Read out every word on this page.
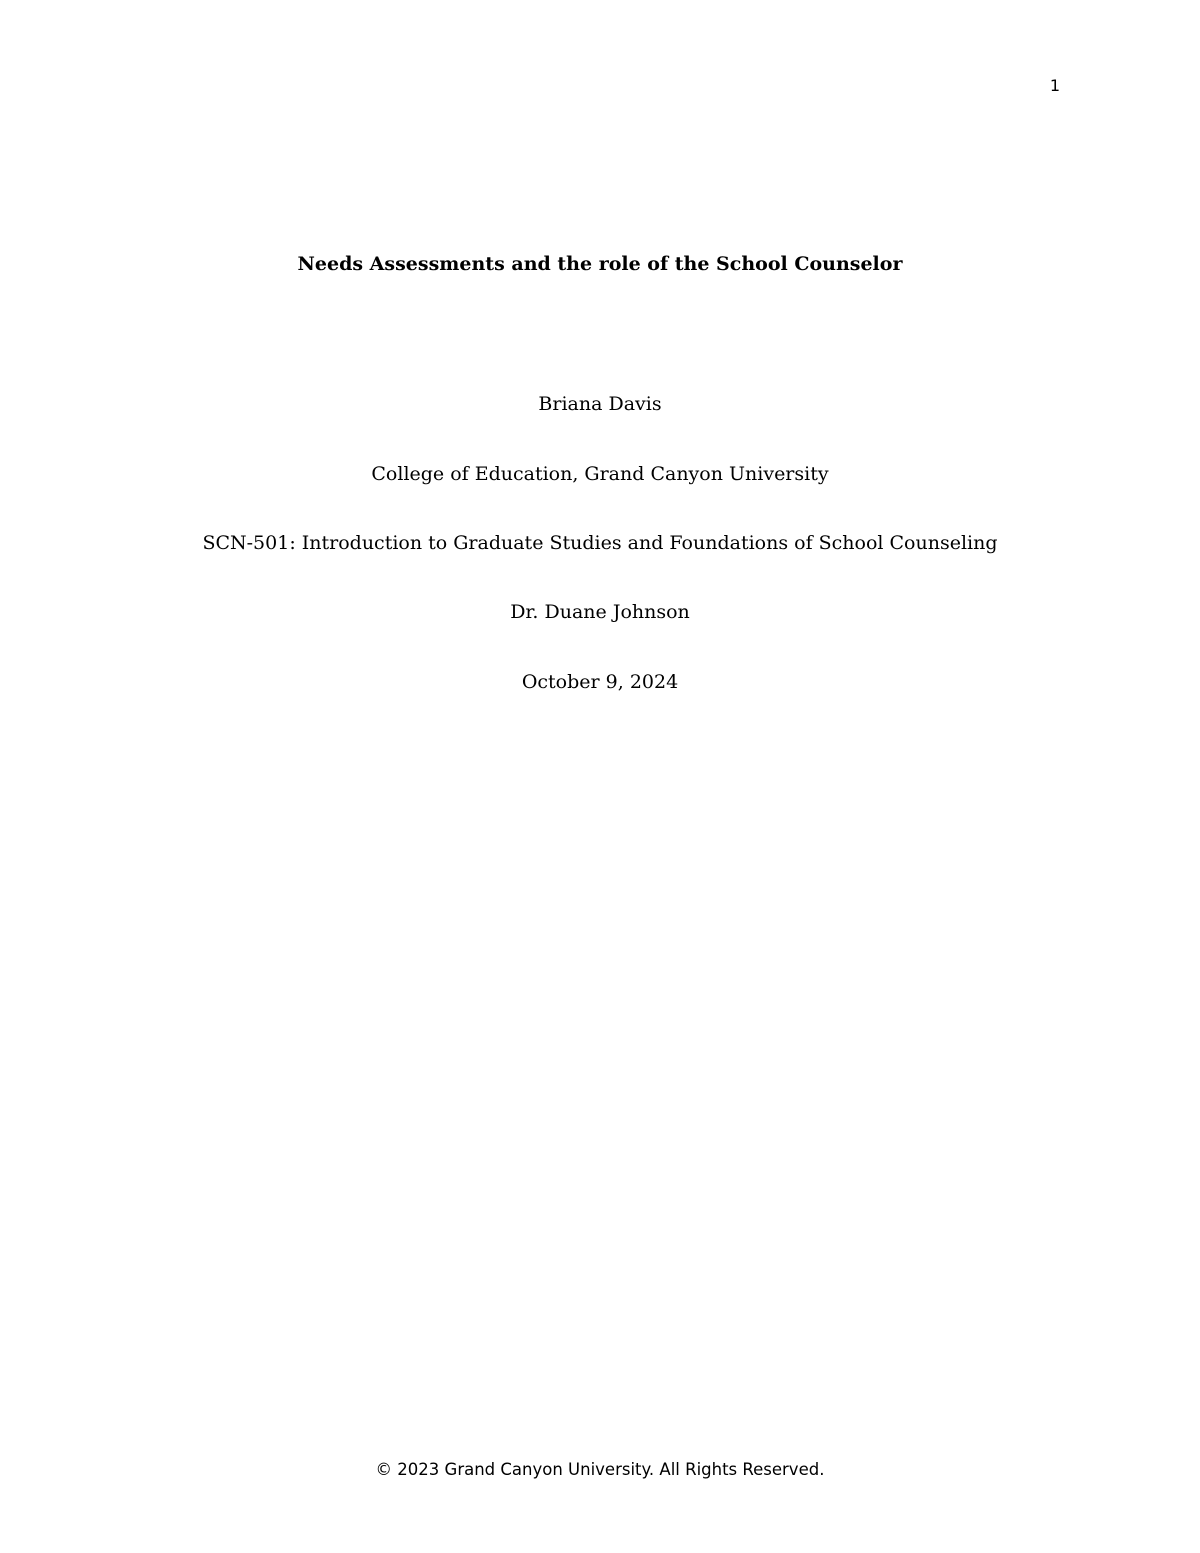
1
Needs Assessments and the role of the School Counselor
Briana Davis
College of Education, Grand Canyon University
SCN-501: Introduction to Graduate Studies and Foundations of School Counseling
Dr. Duane Johnson
October 9, 2024
© 2023 Grand Canyon University. All Rights Reserved.
